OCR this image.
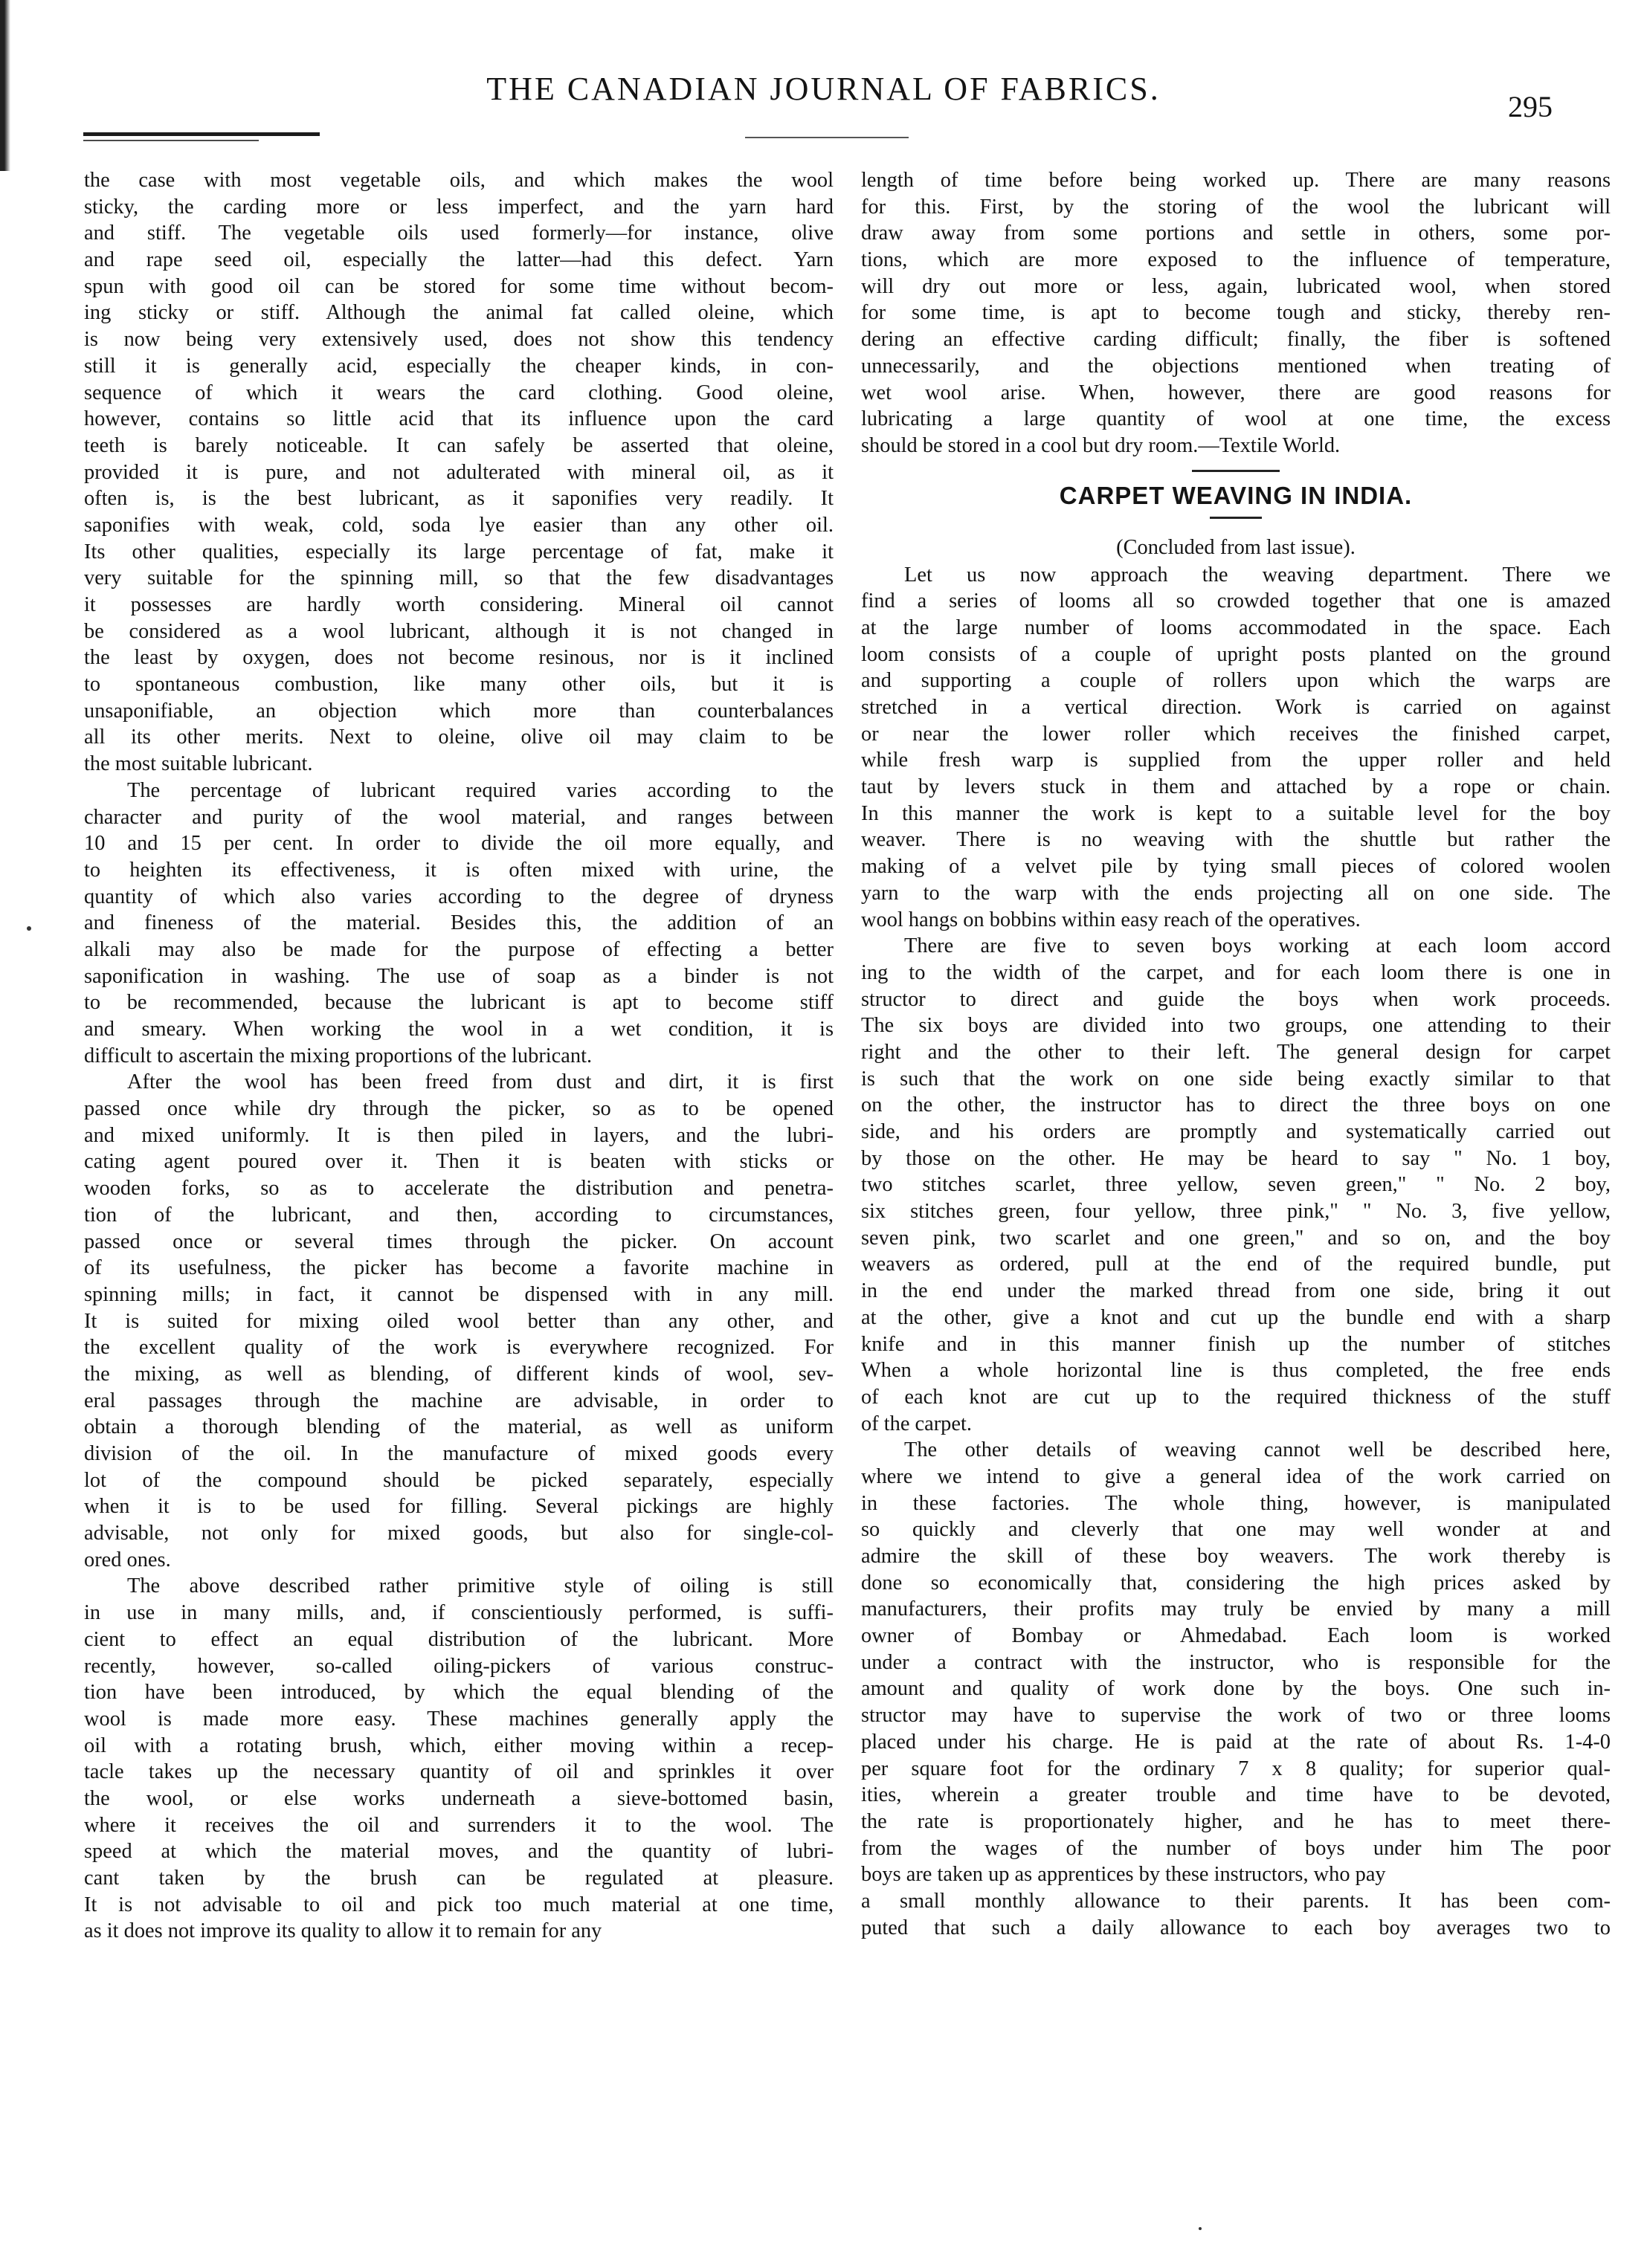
THE CANADIAN JOURNAL OF FABRICS.	295
the case with most vegetable oils, and which makes the wool
sticky, the carding more or less imperfect, and the yarn hard
and stiff. The vegetable oils used formerly—for instance, olive
and rape seed oil, especially the latter—had this defect. Yarn
spun with good oil can be stored for some time without becom-
ing sticky or stiff. Although the animal fat called oleine, which
is now being very extensively used, does not show this tendency
still it is generally acid, especially the cheaper kinds, in con-
sequence of which it wears the card clothing. Good oleine,
however, contains so little acid that its influence upon the card
teeth is barely noticeable. It can safely be asserted that oleine,
provided it is pure, and not adulterated with mineral oil, as it
often is, is the best lubricant, as it saponifies very readily. It
saponifies with weak, cold, soda lye easier than any other oil.
Its other qualities, especially its large percentage of fat, make it
very suitable for the spinning mill, so that the few disadvantages
it possesses are hardly worth considering. Mineral oil cannot
be considered as a wool lubricant, although it is not changed in
the least by oxygen, does not become resinous, nor is it inclined
to spontaneous combustion, like many other oils, but it is
unsaponifiable, an objection which more than counterbalances
all its other merits. Next to oleine, olive oil may claim to be
the most suitable lubricant.
The percentage of lubricant required varies according to the
character and purity of the wool material, and ranges between
10 and 15 per cent. In order to divide the oil more equally, and
to heighten its effectiveness, it is often mixed with urine, the
quantity of which also varies according to the degree of dryness
and fineness of the material. Besides this, the addition of an
alkali may also be made for the purpose of effecting a better
saponification in washing. The use of soap as a binder is not
to be recommended, because the lubricant is apt to become stiff
and smeary. When working the wool in a wet condition, it is
difficult to ascertain the mixing proportions of the lubricant.
After the wool has been freed from dust and dirt, it is first
passed once while dry through the picker, so as to be opened
and mixed uniformly. It is then piled in layers, and the lubri-
cating agent poured over it. Then it is beaten with sticks or
wooden forks, so as to accelerate the distribution and penetra-
tion of the lubricant, and then, according to circumstances,
passed once or several times through the picker. On account
of its usefulness, the picker has become a favorite machine in
spinning mills; in fact, it cannot be dispensed with in any mill.
It is suited for mixing oiled wool better than any other, and
the excellent quality of the work is everywhere recognized. For
the mixing, as well as blending, of different kinds of wool, sev-
eral passages through the machine are advisable, in order to
obtain a thorough blending of the material, as well as uniform
division of the oil. In the manufacture of mixed goods every
lot of the compound should be picked separately, especially
when it is to be used for filling. Several pickings are highly
advisable, not only for mixed goods, but also for single-col-
ored ones.
The above described rather primitive style of oiling is still
in use in many mills, and, if conscientiously performed, is suffi-
cient to effect an equal distribution of the lubricant. More
recently, however, so-called oiling-pickers of various construc-
tion have been introduced, by which the equal blending of the
wool is made more easy. These machines generally apply the
oil with a rotating brush, which, either moving within a recep-
tacle takes up the necessary quantity of oil and sprinkles it over
the wool, or else works underneath a sieve-bottomed basin,
where it receives the oil and surrenders it to the wool. The
speed at which the material moves, and the quantity of lubri-
cant taken by the brush can be regulated at pleasure.
It is not advisable to oil and pick too much material at one time,
as it does not improve its quality to allow it to remain for any
length of time before being worked up. There are many reasons
for this. First, by the storing of the wool the lubricant will
draw away from some portions and settle in others, some por-
tions, which are more exposed to the influence of temperature,
will dry out more or less, again, lubricated wool, when stored
for some time, is apt to become tough and sticky, thereby ren-
dering an effective carding difficult; finally, the fiber is softened
unnecessarily, and the objections mentioned when treating of
wet wool arise. When, however, there are good reasons for
lubricating a large quantity of wool at one time, the excess
should be stored in a cool but dry room.—Textile World.
CARPET WEAVING IN INDIA.
(Concluded from last issue).
Let us now approach the weaving department. There we
find a series of looms all so crowded together that one is amazed
at the large number of looms accommodated in the space. Each
loom consists of a couple of upright posts planted on the ground
and supporting a couple of rollers upon which the warps are
stretched in a vertical direction. Work is carried on against
or near the lower roller which receives the finished carpet,
while fresh warp is supplied from the upper roller and held
taut by levers stuck in them and attached by a rope or chain.
In this manner the work is kept to a suitable level for the boy
weaver. There is no weaving with the shuttle but rather the
making of a velvet pile by tying small pieces of colored woolen
yarn to the warp with the ends projecting all on one side. The
wool hangs on bobbins within easy reach of the operatives.
There are five to seven boys working at each loom accord
ing to the width of the carpet, and for each loom there is one in
structor to direct and guide the boys when work proceeds.
The six boys are divided into two groups, one attending to their
right and the other to their left. The general design for carpet
is such that the work on one side being exactly similar to that
on the other, the instructor has to direct the three boys on one
side, and his orders are promptly and systematically carried out
by those on the other. He may be heard to say " No. 1 boy,
two stitches scarlet, three yellow, seven green," " No. 2 boy,
six stitches green, four yellow, three pink," " No. 3, five yellow,
seven pink, two scarlet and one green," and so on, and the boy
weavers as ordered, pull at the end of the required bundle, put
in the end under the marked thread from one side, bring it out
at the other, give a knot and cut up the bundle end with a sharp
knife and in this manner finish up the number of stitches
When a whole horizontal line is thus completed, the free ends
of each knot are cut up to the required thickness of the stuff
of the carpet.
The other details of weaving cannot well be described here,
where we intend to give a general idea of the work carried on
in these factories. The whole thing, however, is manipulated
so quickly and cleverly that one may well wonder at and
admire the skill of these boy weavers. The work thereby is
done so economically that, considering the high prices asked by
manufacturers, their profits may truly be envied by many a mill
owner of Bombay or Ahmedabad. Each loom is worked
under a contract with the instructor, who is responsible for the
amount and quality of work done by the boys. One such in-
structor may have to supervise the work of two or three looms
placed under his charge. He is paid at the rate of about Rs. 1-4-0
per square foot for the ordinary 7 x 8 quality; for superior qual-
ities, wherein a greater trouble and time have to be devoted,
the rate is proportionately higher, and he has to meet there-
from the wages of the number of boys under him The poor
boys are taken up as apprentices by these instructors, who pay
a small monthly allowance to their parents. It has been com-
puted that such a daily allowance to each boy averages two to
